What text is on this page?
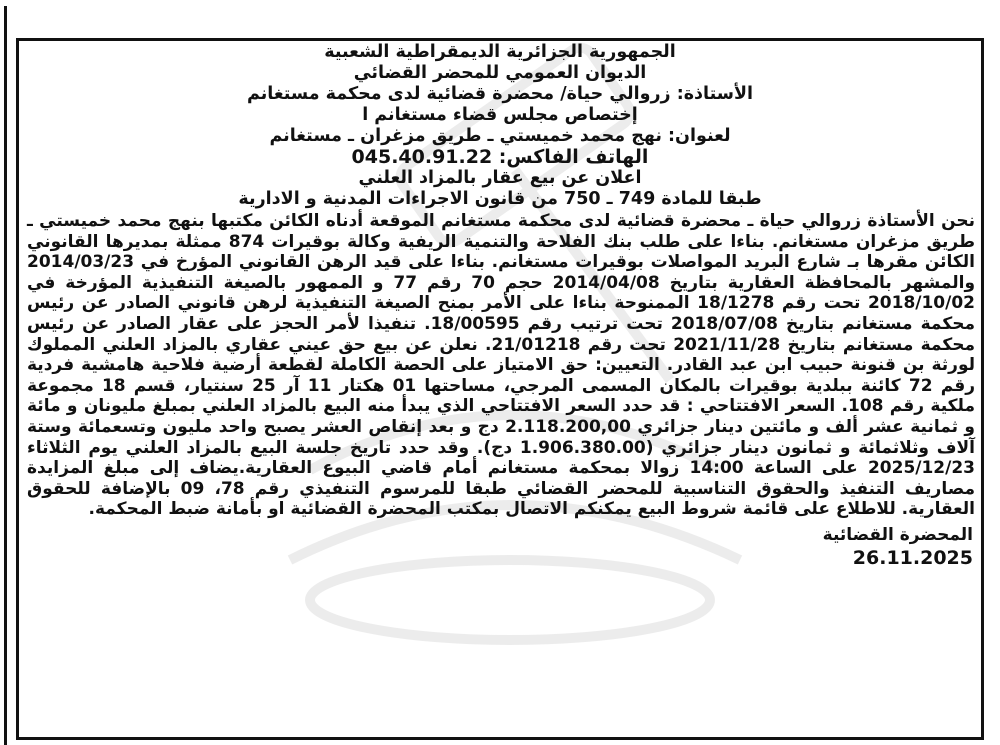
الجمهورية الجزائرية الديمقراطية الشعبية

الديوان العمومي للمحضر القضائي

الأستاذة: زروالي حياة/ محضرة قضائية لدى محكمة مستغانم

إختصاص مجلس قضاء مستغانم ا

لعنوان: نهج محمد خميستي ـ طريق مزغران ـ مستغانم

الهاتف الفاكس: 045.40.91.22

اعلان عن بيع عقار بالمزاد العلني

طبقا للمادة 749 ـ 750 من قانون الاجراءات المدنية و الادارية

نحن الأستاذة زروالي حياة ـ محضرة قضائية لدى محكمة مستغانم الموقعة أدناه الكائن مكتبها بنهج محمد خميستي ـ طريق مزغران مستغانم. بناءا على طلب بنك الفلاحة والتنمية الريفية وكالة بوقيرات 874 ممثلة بمديرها القانوني الكائن مقرها بـ شارع البريد المواصلات بوقيرات مستغانم. بناءا على قيد الرهن القانوني المؤرخ في 2014/03/23 والمشهر بالمحافظة العقارية بتاريخ 2014/04/08 حجم 70 رقم 77 و الممهور بالصيغة التنفيذية المؤرخة في 2018/10/02 تحت رقم 18/1278 الممنوحة بناءا على الأمر بمنح الصيغة التنفيذية لرهن قانوني الصادر عن رئيس محكمة مستغانم بتاريخ 2018/07/08 تحت ترتيب رقم 18/00595. تنفيذا لأمر الحجز على عقار الصادر عن رئيس محكمة مستغانم بتاريخ 2021/11/28 تحت رقم 21/01218. نعلن عن بيع حق عيني عقاري بالمزاد العلني المملوك لورثة بن قنونة حبيب ابن عبد القادر. التعيين: حق الامتياز على الحصة الكاملة لقطعة أرضية فلاحية هامشية فردية رقم 72 كائنة ببلدية بوقيرات بالمكان المسمى المرجي، مساحتها 01 هكتار 11 آر 25 سنتيار، قسم 18 مجموعة ملكية رقم 108. السعر الافتتاحي : قد حدد السعر الافتتاحي الذي يبدأ منه البيع بالمزاد العلني بمبلغ مليونان و مائة و ثمانية عشر ألف و مائتين دينار جزائري 2.118.200,00 دج و بعد إنقاص العشر يصبح واحد مليون وتسعمائة وستة آلاف وثلاثمائة و ثمانون دينار جزائري (1.906.380.00 دج). وقد حدد تاريخ جلسة البيع بالمزاد العلني يوم الثلاثاء 2025/12/23 على الساعة 14:00 زوالا بمحكمة مستغانم أمام قاضي البيوع العقارية.يضاف إلى مبلغ المزايدة مصاريف التنفيذ والحقوق التناسبية للمحضر القضائي طبقا للمرسوم التنفيذي رقم 78، 09 بالإضافة للحقوق العقارية. للاطلاع على قائمة شروط البيع يمكنكم الاتصال بمكتب المحضرة القضائية او بأمانة ضبط المحكمة.

المحضرة القضائية

26.11.2025
